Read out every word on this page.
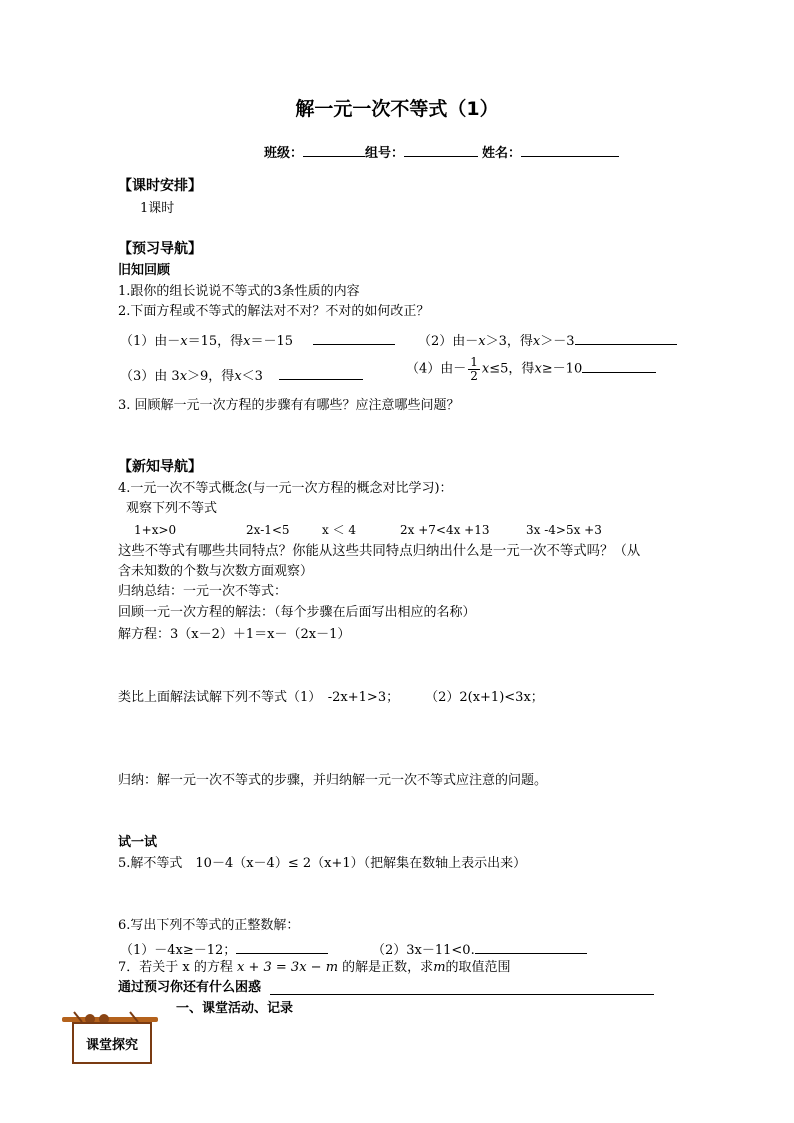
解一元一次不等式（1）
班级：	组号：	姓名：
【课时安排】
1课时
【预习导航】
旧知回顾
1.跟你的组长说说不等式的3条性质的内容
2.下面方程或不等式的解法对不对？不对的如何改正？
（1）由－x＝15，得x＝－15	（2）由－x＞3，得x＞－3
（3）由 3x＞9，得x＜3	（4）由－ $\frac{1}{2} x\le 5$，得x≥－10
3. 回顾解一元一次方程的步骤有有哪些？应注意哪些问题？
【新知导航】
4.一元一次不等式概念(与一元一次方程的概念对比学习)：
观察下列不等式
1+x>0	2x-1<5	x ＜ 4	2x +7<4x +13	3x -4>5x +3
这些不等式有哪些共同特点？你能从这些共同特点归纳出什么是一元一次不等式吗？（从
含未知数的个数与次数方面观察）
归纳总结：一元一次不等式：
回顾一元一次方程的解法：（每个步骤在后面写出相应的名称）
解方程：3（x－2）＋1＝x－（2x－1）
类比上面解法试解下列不等式（1）　-2x+1>3；　　　（2）2(x+1)<3x；
归纳：解一元一次不等式的步骤，并归纳解一元一次不等式应注意的问题。
试一试
5.解不等式　10－4（x－4）≤ 2（x+1）（把解集在数轴上表示出来）
6.写出下列不等式的正整数解：
（1）－4x≥－12；	（2）3x－11<0.
7．若关于 x 的方程 x + 3 = 3x − m 的解是正数，求m的取值范围
通过预习你还有什么困惑
一、课堂活动、记录
课堂探究
